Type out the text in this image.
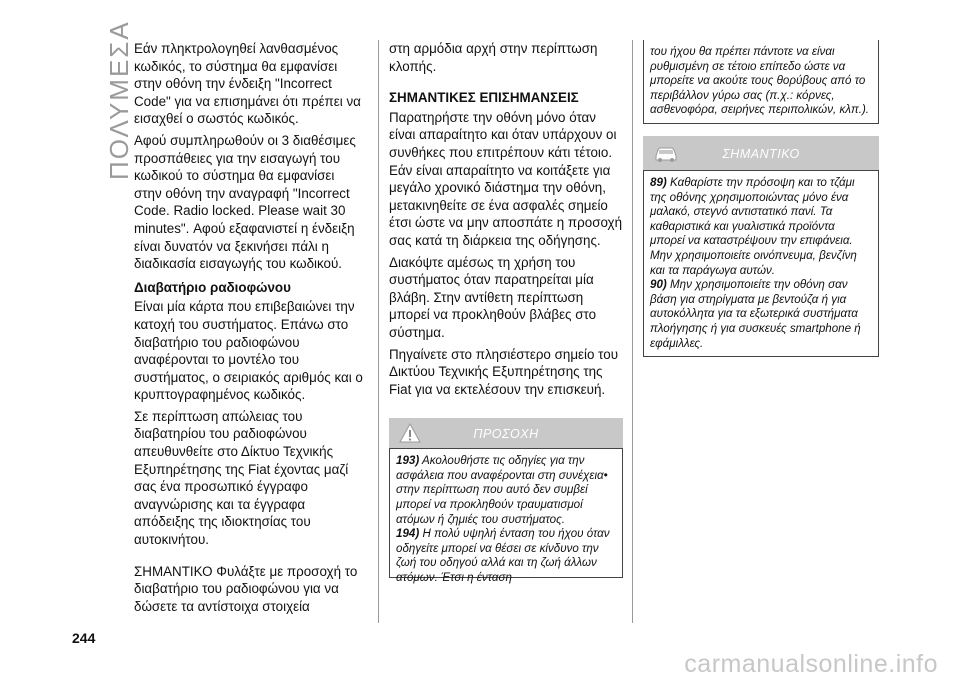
ΠΟΛΥΜΕΣΑ Εάν πληκτρολογηθεί λανθασμένος κωδικός, το σύστημα θα εμφανίσει στην οθόνη την ένδειξη "Incorrect Code" για να επισημάνει ότι πρέπει να εισαχθεί ο σωστός κωδικός.

Αφού συμπληρωθούν οι 3 διαθέσιμες προσπάθειες για την εισαγωγή του κωδικού το σύστημα θα εμφανίσει στην οθόνη την αναγραφή "Incorrect Code. Radio locked. Please wait 30 minutes". Αφού εξαφανιστεί η ένδειξη είναι δυνατόν να ξεκινήσει πάλι η διαδικασία εισαγωγής του κωδικού.

Διαβατήριο ραδιοφώνου

Είναι μία κάρτα που επιβεβαιώνει την κατοχή του συστήματος. Επάνω στο διαβατήριο του ραδιοφώνου αναφέρονται το μοντέλο του συστήματος, ο σειριακός αριθμός και ο κρυπτογραφημένος κωδικός.

Σε περίπτωση απώλειας του διαβατηρίου του ραδιοφώνου απευθυνθείτε στο Δίκτυο Τεχνικής Εξυπηρέτησης της Fiat έχοντας μαζί σας ένα προσωπικό έγγραφο αναγνώρισης και τα έγγραφα απόδειξης της ιδιοκτησίας του αυτοκινήτου.

ΣΗΜΑΝΤΙΚΟ Φυλάξτε με προσοχή το διαβατήριο του ραδιοφώνου για να δώσετε τα αντίστοιχα στοιχεία

στη αρμόδια αρχή στην περίπτωση κλοπής.

ΣΗΜΑΝΤΙΚΕΣ ΕΠΙΣΗΜΑΝΣΕΙΣ

Παρατηρήστε την οθόνη μόνο όταν είναι απαραίτητο και όταν υπάρχουν οι συνθήκες που επιτρέπουν κάτι τέτοιο. Εάν είναι απαραίτητο να κοιτάξετε για μεγάλο χρονικό διάστημα την οθόνη, μετακινηθείτε σε ένα ασφαλές σημείο έτσι ώστε να μην αποσπάτε η προσοχή σας κατά τη διάρκεια της οδήγησης.

Διακόψτε αμέσως τη χρήση του συστήματος όταν παρατηρείται μία βλάβη. Στην αντίθετη περίπτωση μπορεί να προκληθούν βλάβες στο σύστημα.

Πηγαίνετε στο πλησιέστερο σημείο του Δικτύου Τεχνικής Εξυπηρέτησης της Fiat για να εκτελέσουν την επισκευή.

ΠΡΟΣΟΧΗ
193) Ακολουθήστε τις οδηγίες για την ασφάλεια που αναφέρονται στη συνέχεια• στην περίπτωση που αυτό δεν συμβεί μπορεί να προκληθούν τραυματισμοί ατόμων ή ζημιές του συστήματος.
194) Η πολύ υψηλή ένταση του ήχου όταν οδηγείτε μπορεί να θέσει σε κίνδυνο την ζωή του οδηγού αλλά και τη ζωή άλλων ατόμων. Έτσι η ένταση
του ήχου θα πρέπει πάντοτε να είναι ρυθμισμένη σε τέτοιο επίπεδο ώστε να μπορείτε να ακούτε τους θορύβους από το περιβάλλον γύρω σας (π.χ.: κόρνες, ασθενοφόρα, σειρήνες περιπολικών, κλπ.).
ΣΗΜΑΝΤΙΚΟ
89) Καθαρίστε την πρόσοψη και το τζάμι της οθόνης χρησιμοποιώντας μόνο ένα μαλακό, στεγνό αντιστατικό πανί. Τα καθαριστικά και γυαλιστικά προϊόντα μπορεί να καταστρέψουν την επιφάνεια. Μην χρησιμοποιείτε οινόπνευμα, βενζίνη και τα παράγωγα αυτών.
90) Μην χρησιμοποιείτε την οθόνη σαν βάση για στηρίγματα με βεντούζα ή για αυτοκόλλητα για τα εξωτερικά συστήματα πλοήγησης ή για συσκευές smartphone ή εφάμιλλες.
244
carmanualsonline.info
